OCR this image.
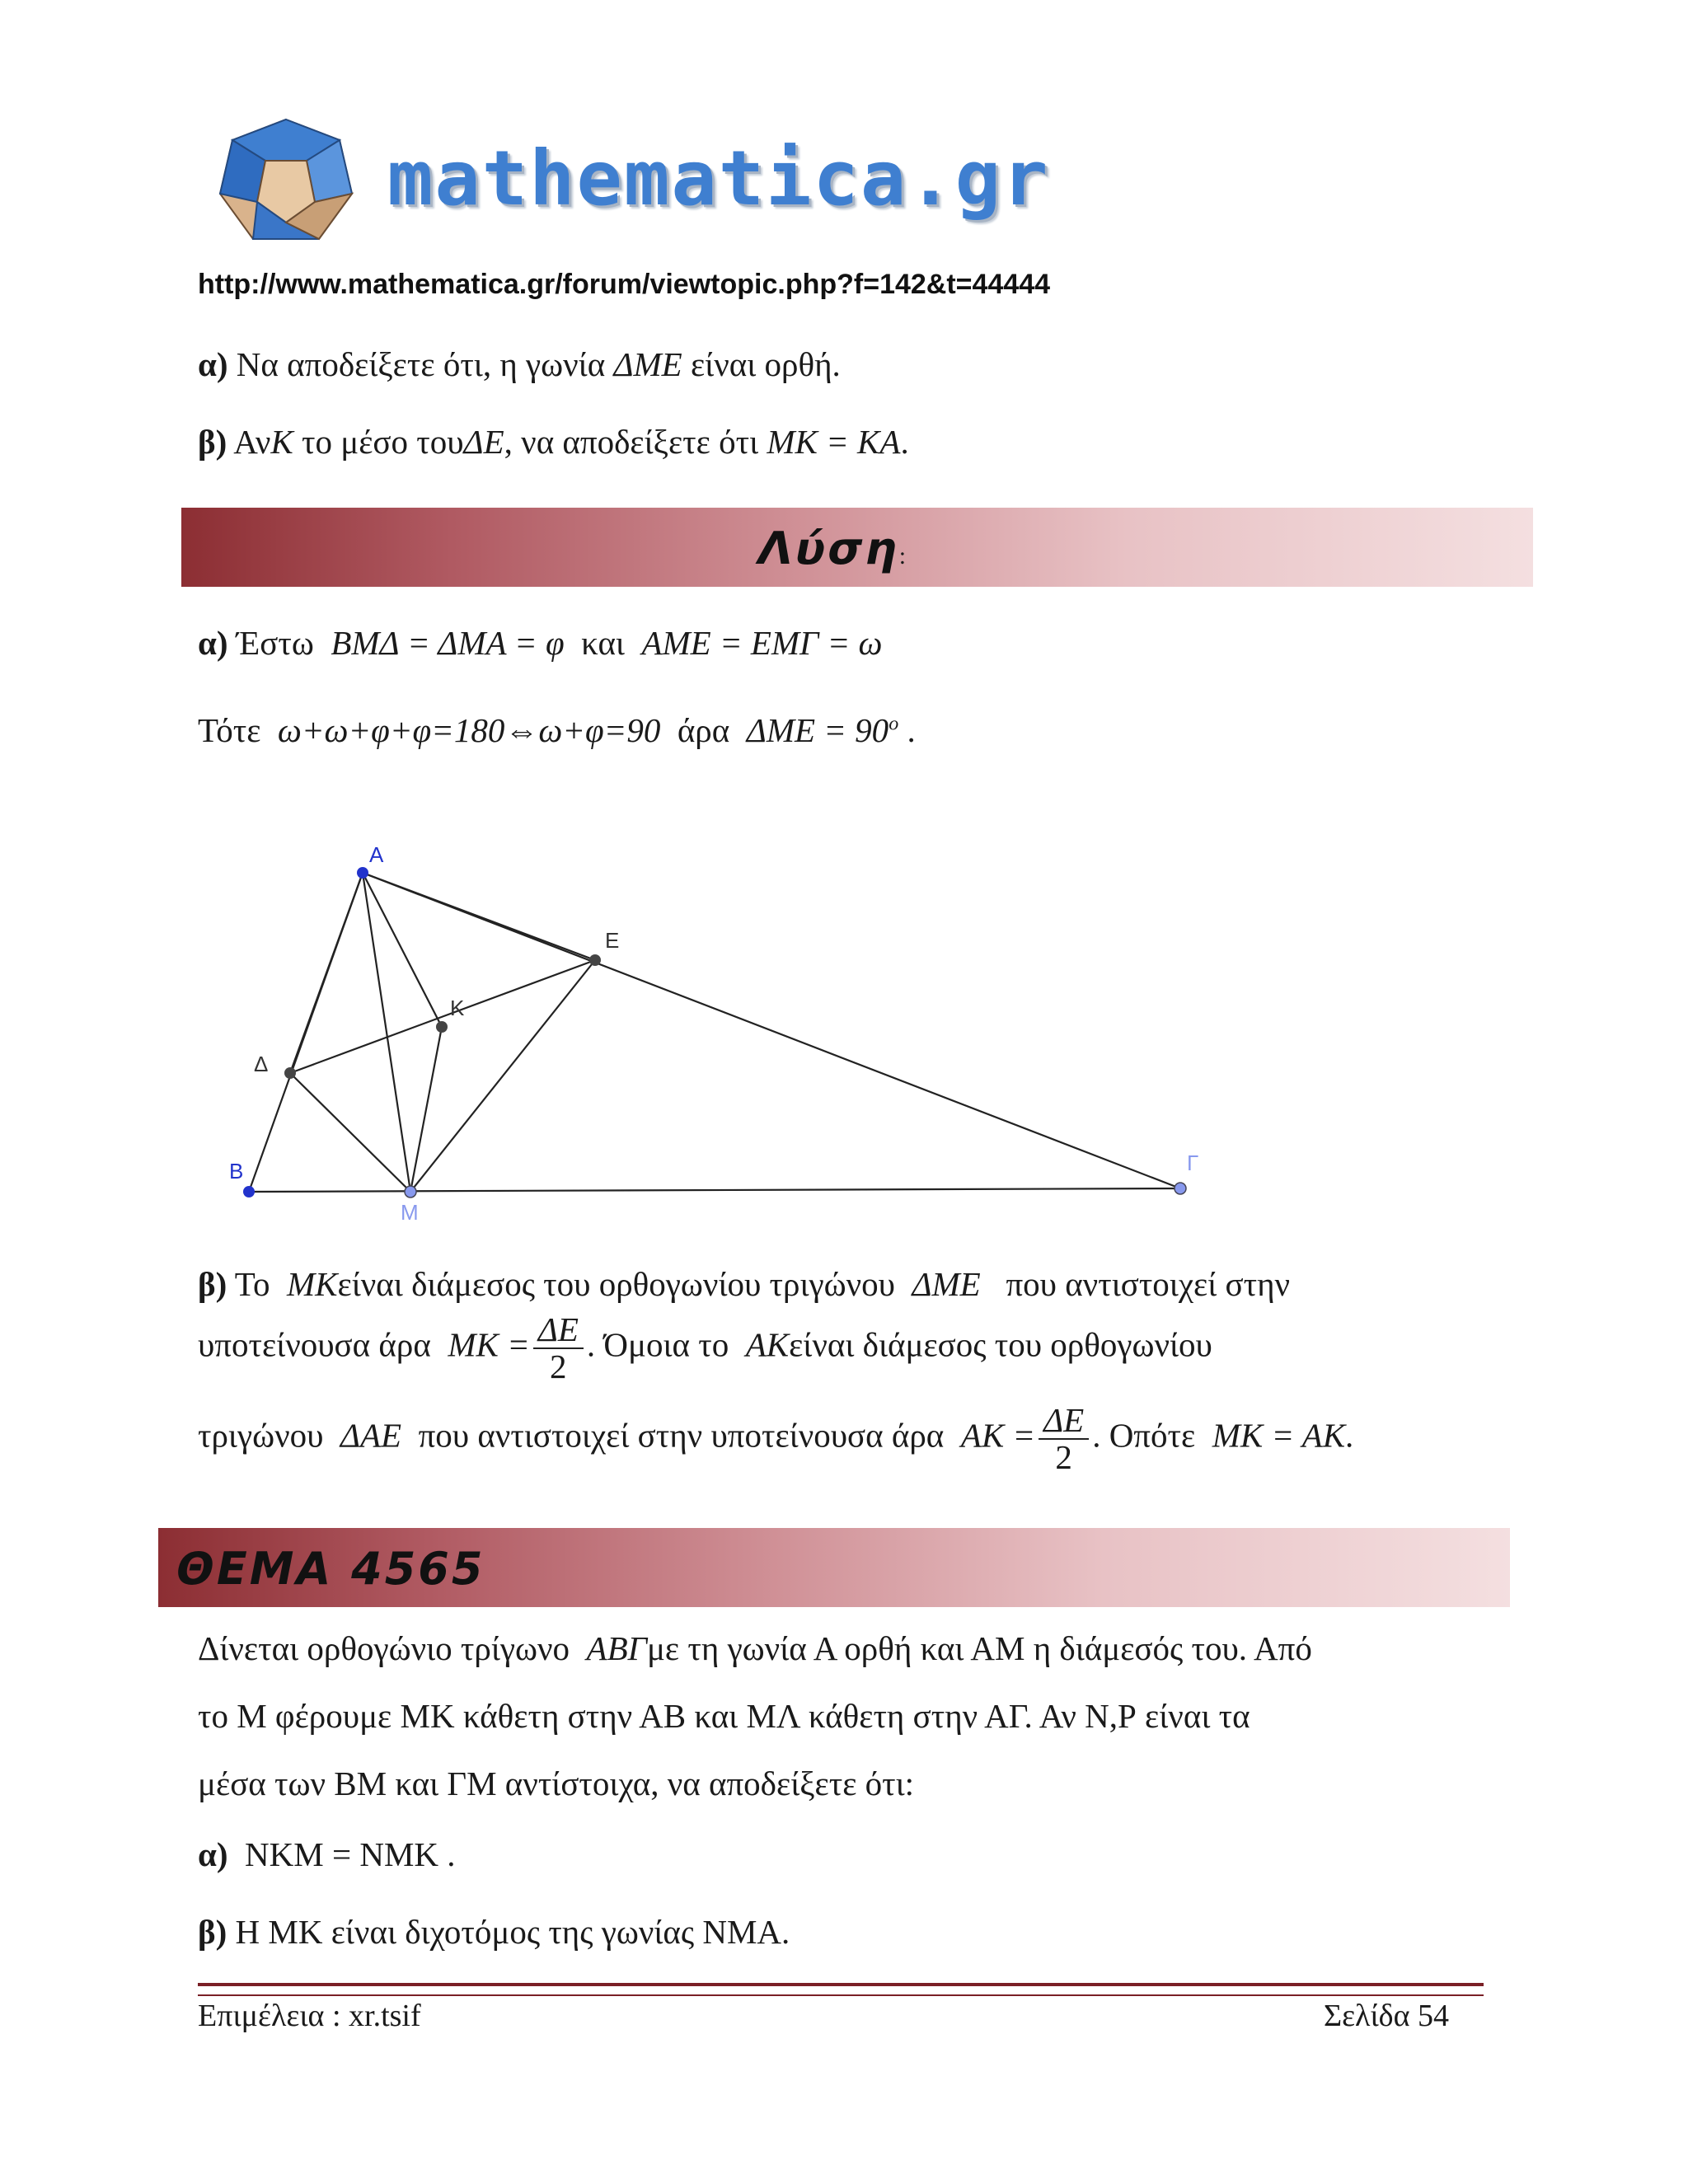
mathematica.gr
http://www.mathematica.gr/forum/viewtopic.php?f=142&t=44444
α) Να αποδείξετε ότι, η γωνία ΔΜΕ είναι ορθή.
β) ΑνK το μέσο τουΔΕ, να αποδείξετε ότι MK = KA.
Λύση:
α) Έστω BMΔ = ΔMA = φ και AME = EMΓ = ω
Τότε ω+ω+φ+φ=180⇔ω+φ=90 άρα $\Delta ME = 90^o$ .
A
E
K
Δ
B
M
Γ
β) Το MKείναι διάμεσος του ορθογωνίου τριγώνου ΔME που αντιστοιχεί στην
υποτείνουσα άρα MK = $\frac{\Delta E}{2}$ . Όμοια το AKείναι διάμεσος του ορθογωνίου
τριγώνου ΔAE που αντιστοιχεί στην υποτείνουσα άρα AK = $\frac{\Delta E}{2}$ . Οπότε MK = AK.
ΘΕΜΑ 4565
Δίνεται ορθογώνιο τρίγωνο ΑΒΓμε τη γωνία Α ορθή και ΑΜ η διάμεσός του. Από
το Μ φέρουμε ΜΚ κάθετη στην ΑΒ και ΜΛ κάθετη στην ΑΓ. Αν Ν,Ρ είναι τα
μέσα των ΒΜ και ΓΜ αντίστοιχα, να αποδείξετε ότι:
α) NKM = NMK .
β) Η ΜΚ είναι διχοτόμος της γωνίας ΝΜΑ.
Επιμέλεια : xr.tsif	Σελίδα 54
